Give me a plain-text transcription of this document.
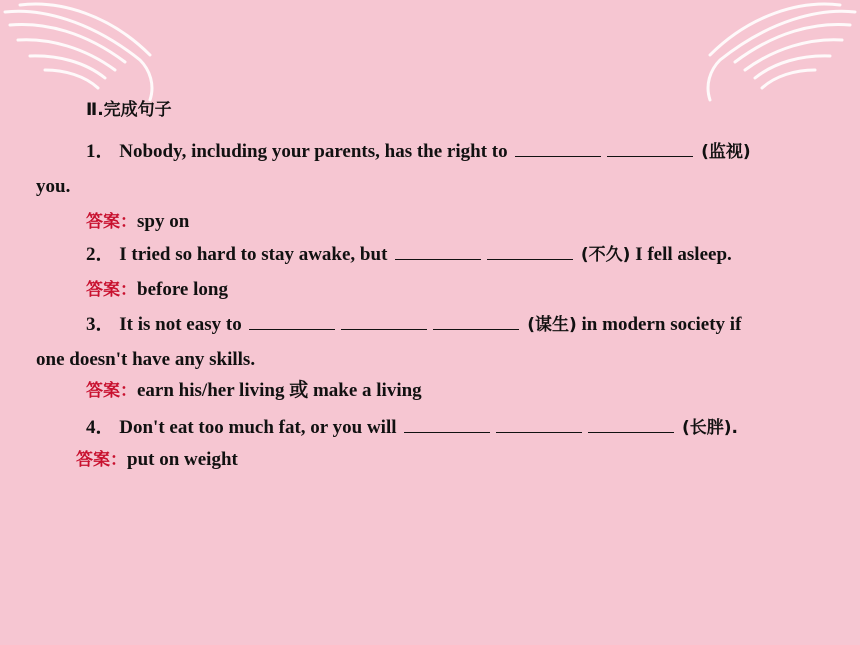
Ⅱ.完成句子
1． Nobody, including your parents, has the right to	(监视)
you.
答案：spy on
2． I tried so hard to stay awake, but	(不久) I fell asleep.
答案：before long
3． It is not easy to	(谋生) in modern society if
one doesn't have any skills.
答案：earn his/her living 或 make a living
4． Don't eat too much fat, or you will	(长胖).
答案：put on weight
